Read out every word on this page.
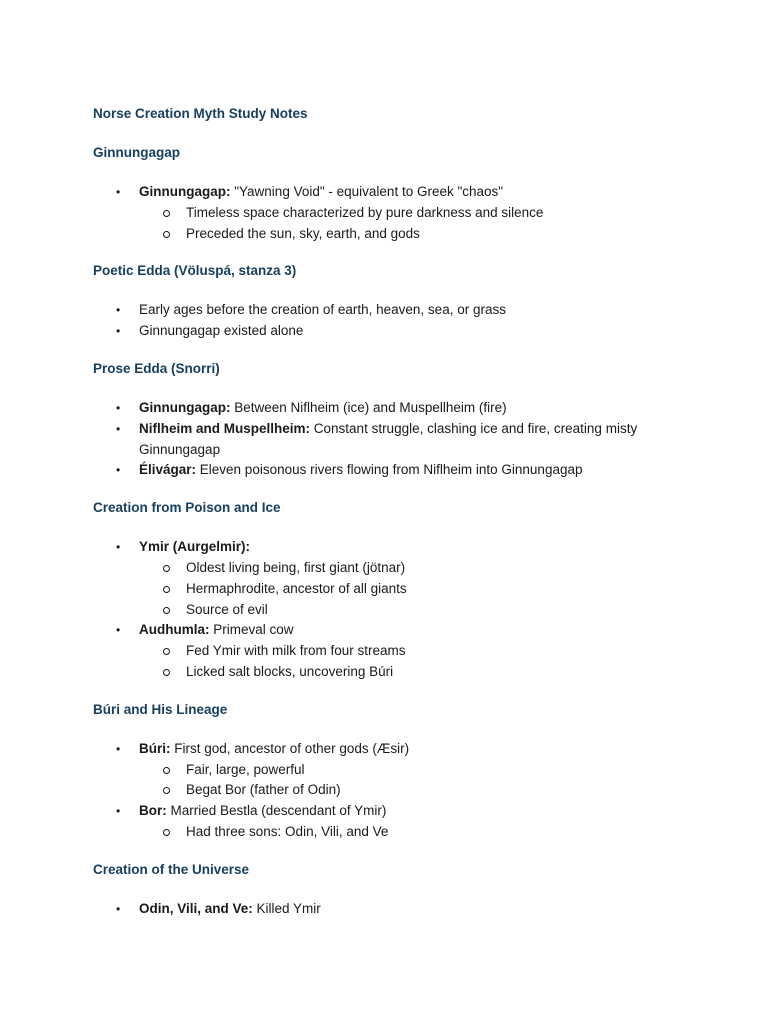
Norse Creation Myth Study Notes
Ginnungagap
• Ginnungagap: "Yawning Void" - equivalent to Greek "chaos"
Timeless space characterized by pure darkness and silence
Preceded the sun, sky, earth, and gods
Poetic Edda (Völuspá, stanza 3)
• Early ages before the creation of earth, heaven, sea, or grass
• Ginnungagap existed alone
Prose Edda (Snorri)
• Ginnungagap: Between Niflheim (ice) and Muspellheim (fire)
• Niflheim and Muspellheim: Constant struggle, clashing ice and fire, creating misty Ginnungagap
• Élivágar: Eleven poisonous rivers flowing from Niflheim into Ginnungagap
Creation from Poison and Ice
• Ymir (Aurgelmir):
Oldest living being, first giant (jötnar)
Hermaphrodite, ancestor of all giants
Source of evil
• Audhumla: Primeval cow
Fed Ymir with milk from four streams
Licked salt blocks, uncovering Búri
Búri and His Lineage
• Búri: First god, ancestor of other gods (Æsir)
Fair, large, powerful
Begat Bor (father of Odin)
• Bor: Married Bestla (descendant of Ymir)
Had three sons: Odin, Vili, and Ve
Creation of the Universe
• Odin, Vili, and Ve: Killed Ymir
